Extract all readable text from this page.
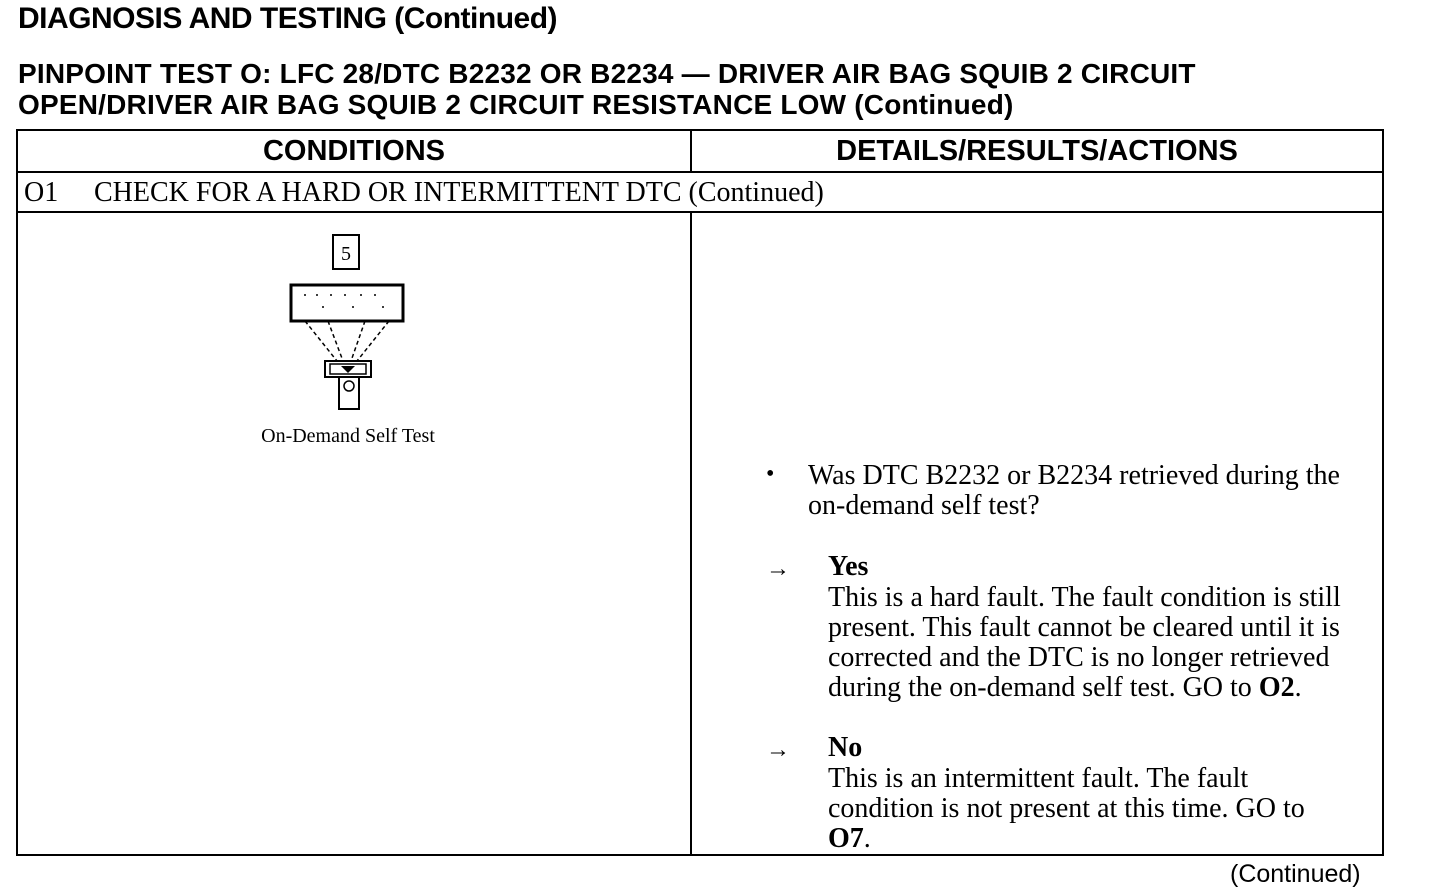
DIAGNOSIS AND TESTING (Continued)
PINPOINT TEST O: LFC 28/DTC B2232 OR B2234 — DRIVER AIR BAG SQUIB 2 CIRCUIT
OPEN/DRIVER AIR BAG SQUIB 2 CIRCUIT RESISTANCE LOW (Continued)
CONDITIONS	DETAILS/RESULTS/ACTIONS
O1 CHECK FOR A HARD OR INTERMITTENT DTC (Continued)
5
On-Demand Self Test
• Was DTC B2232 or B2234 retrieved during the
on-demand self test?
→ Yes
This is a hard fault. The fault condition is still
present. This fault cannot be cleared until it is
corrected and the DTC is no longer retrieved
during the on-demand self test. GO to O2.
→ No
This is an intermittent fault. The fault
condition is not present at this time. GO to
O7.
(Continued)
